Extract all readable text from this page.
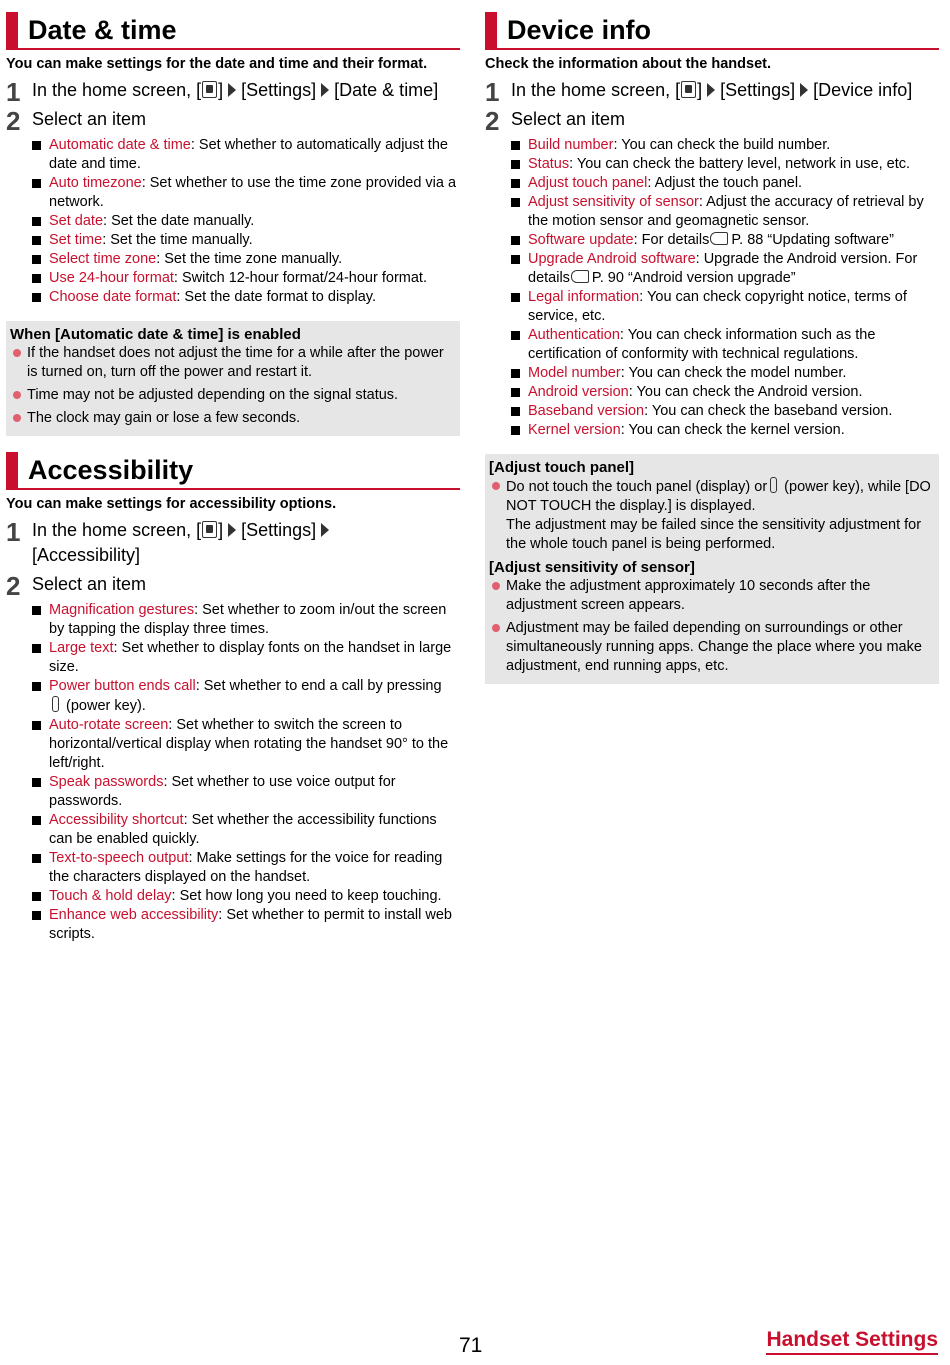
Date & time
You can make settings for the date and time and their format.
1 In the home screen, [ ] [Settings] [Date & time]
2 Select an item
Automatic date & time: Set whether to automatically adjust the date and time.
Auto timezone: Set whether to use the time zone provided via a network.
Set date: Set the date manually.
Set time: Set the time manually.
Select time zone: Set the time zone manually.
Use 24-hour format: Switch 12-hour format/24-hour format.
Choose date format: Set the date format to display.
When [Automatic date & time] is enabled
If the handset does not adjust the time for a while after the power is turned on, turn off the power and restart it.
Time may not be adjusted depending on the signal status.
The clock may gain or lose a few seconds.
Accessibility
You can make settings for accessibility options.
1 In the home screen, [ ] [Settings]
[Accessibility]
2 Select an item
Magnification gestures: Set whether to zoom in/out the screen by tapping the display three times.
Large text: Set whether to display fonts on the handset in large size.
Power button ends call: Set whether to end a call by pressing
(power key).
Auto-rotate screen: Set whether to switch the screen to horizontal/vertical display when rotating the handset 90° to the left/right.
Speak passwords: Set whether to use voice output for passwords.
Accessibility shortcut: Set whether the accessibility functions can be enabled quickly.
Text-to-speech output: Make settings for the voice for reading the characters displayed on the handset.
Touch & hold delay: Set how long you need to keep touching.
Enhance web accessibility: Set whether to permit to install web scripts.
Device info
Check the information about the handset.
1 In the home screen, [ ] [Settings] [Device info]
2 Select an item
Build number: You can check the build number.
Status: You can check the battery level, network in use, etc.
Adjust touch panel: Adjust the touch panel.
Adjust sensitivity of sensor: Adjust the accuracy of retrieval by the motion sensor and geomagnetic sensor.
Software update: For details P. 88 “Updating software”
Upgrade Android software: Upgrade the Android version. For details P. 90 “Android version upgrade”
Legal information: You can check copyright notice, terms of service, etc.
Authentication: You can check information such as the certification of conformity with technical regulations.
Model number: You can check the model number.
Android version: You can check the Android version.
Baseband version: You can check the baseband version.
Kernel version: You can check the kernel version.
[Adjust touch panel]
Do not touch the touch panel (display) or (power key), while [DO NOT TOUCH the display.] is displayed.
The adjustment may be failed since the sensitivity adjustment for the whole touch panel is being performed.
[Adjust sensitivity of sensor]
Make the adjustment approximately 10 seconds after the adjustment screen appears.
Adjustment may be failed depending on surroundings or other simultaneously running apps. Change the place where you make adjustment, end running apps, etc.
71	Handset Settings
